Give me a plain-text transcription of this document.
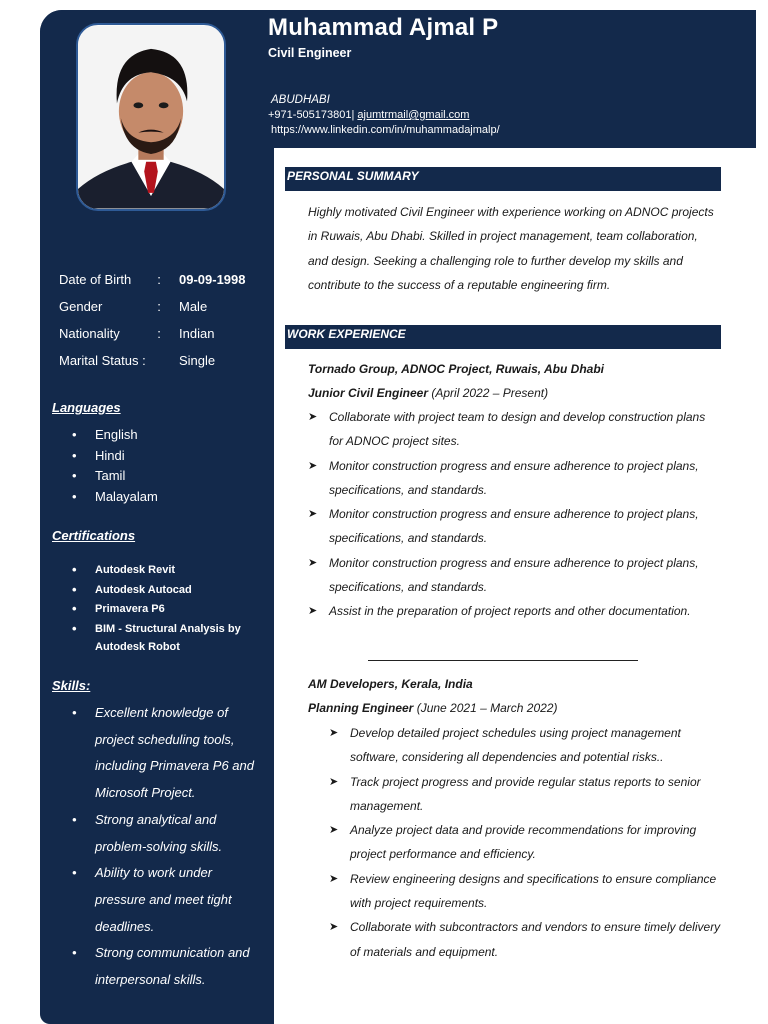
Date of Birth	:	09-09-1998
Gender	:	Male
Nationality	:	Indian
Marital Status :	Single
Languages
• English
• Hindi
• Tamil
• Malayalam
Certifications
• Autodesk Revit
• Autodesk Autocad
• Primavera P6
• BIM - Structural Analysis by Autodesk Robot
Skills:
• Excellent knowledge of project scheduling tools, including Primavera P6 and Microsoft Project.
• Strong analytical and problem-solving skills.
• Ability to work under pressure and meet tight deadlines.
• Strong communication and interpersonal skills.
Muhammad Ajmal P
Civil Engineer
ABUDHABI
+971-505173801| ajumtrmail@gmail.com
https://www.linkedin.com/in/muhammadajmalp/
PERSONAL SUMMARY
Highly motivated Civil Engineer with experience working on ADNOC projects in Ruwais, Abu Dhabi. Skilled in project management, team collaboration, and design. Seeking a challenging role to further develop my skills and contribute to the success of a reputable engineering firm.
WORK EXPERIENCE
Tornado Group, ADNOC Project, Ruwais, Abu Dhabi
Junior Civil Engineer (April 2022 – Present)
➤ Collaborate with project team to design and develop construction plans for ADNOC project sites.
➤ Monitor construction progress and ensure adherence to project plans, specifications, and standards.
➤ Monitor construction progress and ensure adherence to project plans, specifications, and standards.
➤ Monitor construction progress and ensure adherence to project plans, specifications, and standards.
➤ Assist in the preparation of project reports and other documentation.
AM Developers, Kerala, India
Planning Engineer (June 2021 – March 2022)
➤ Develop detailed project schedules using project management software, considering all dependencies and potential risks..
➤ Track project progress and provide regular status reports to senior management.
➤ Analyze project data and provide recommendations for improving project performance and efficiency.
➤ Review engineering designs and specifications to ensure compliance with project requirements.
➤ Collaborate with subcontractors and vendors to ensure timely delivery of materials and equipment.
